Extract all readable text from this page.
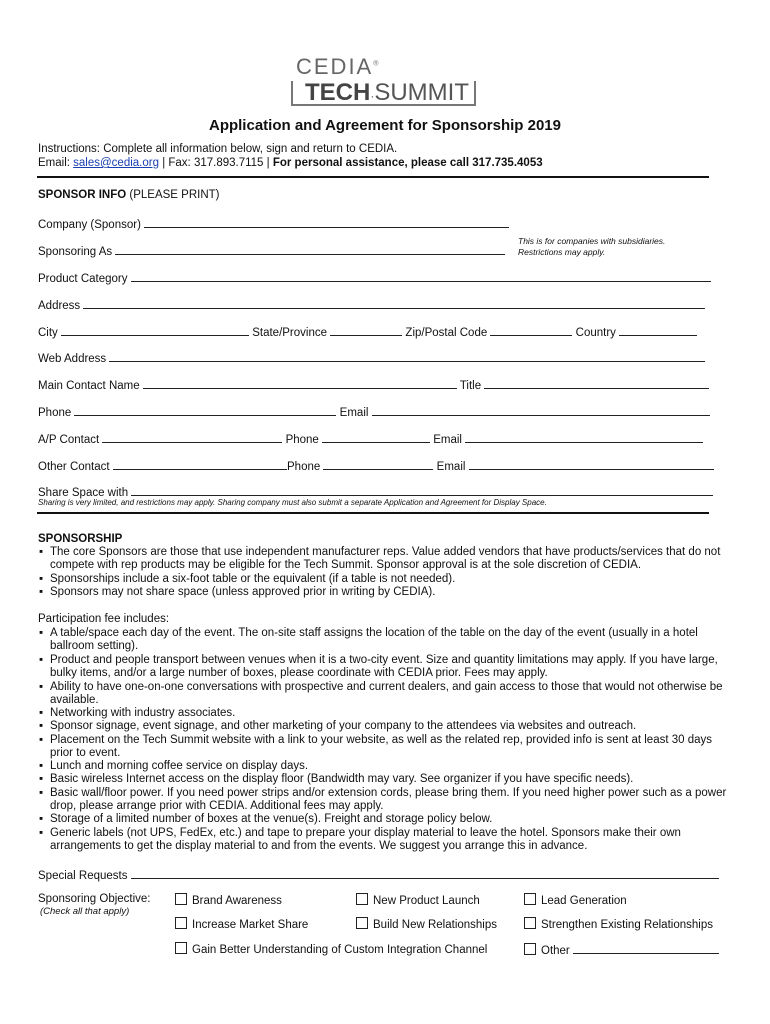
CEDIA®
TECH·SUMMIT
Application and Agreement for Sponsorship 2019
Instructions: Complete all information below, sign and return to CEDIA.
Email: sales@cedia.org | Fax: 317.893.7115 | For personal assistance, please call 317.735.4053
SPONSOR INFO (PLEASE PRINT)
Company (Sponsor)
Sponsoring As
This is for companies with subsidiaries.
Restrictions may apply.
Product Category
Address
City	State/Province	Zip/Postal Code	Country
Web Address
Main Contact Name	Title
Phone	Email
A/P Contact	Phone	Email
Other Contact	Phone	Email
Share Space with
Sharing is very limited, and restrictions may apply. Sharing company must also submit a separate Application and Agreement for Display Space.
SPONSORSHIP
▪ The core Sponsors are those that use independent manufacturer reps. Value added vendors that have products/services that do not compete with rep products may be eligible for the Tech Summit. Sponsor approval is at the sole discretion of CEDIA.
▪ Sponsorships include a six-foot table or the equivalent (if a table is not needed).
▪ Sponsors may not share space (unless approved prior in writing by CEDIA).
Participation fee includes:
▪ A table/space each day of the event. The on-site staff assigns the location of the table on the day of the event (usually in a hotel ballroom setting).
▪ Product and people transport between venues when it is a two-city event. Size and quantity limitations may apply. If you have large, bulky items, and/or a large number of boxes, please coordinate with CEDIA prior. Fees may apply.
▪ Ability to have one-on-one conversations with prospective and current dealers, and gain access to those that would not otherwise be available.
▪ Networking with industry associates.
▪ Sponsor signage, event signage, and other marketing of your company to the attendees via websites and outreach.
▪ Placement on the Tech Summit website with a link to your website, as well as the related rep, provided info is sent at least 30 days prior to event.
▪ Lunch and morning coffee service on display days.
▪ Basic wireless Internet access on the display floor (Bandwidth may vary. See organizer if you have specific needs).
▪ Basic wall/floor power. If you need power strips and/or extension cords, please bring them. If you need higher power such as a power drop, please arrange prior with CEDIA. Additional fees may apply.
▪ Storage of a limited number of boxes at the venue(s). Freight and storage policy below.
▪ Generic labels (not UPS, FedEx, etc.) and tape to prepare your display material to leave the hotel. Sponsors make their own arrangements to get the display material to and from the events. We suggest you arrange this in advance.
Special Requests
Sponsoring Objective:
(Check all that apply)
Brand Awareness	New Product Launch	Lead Generation
Increase Market Share	Build New Relationships	Strengthen Existing Relationships
Gain Better Understanding of Custom Integration Channel	Other
